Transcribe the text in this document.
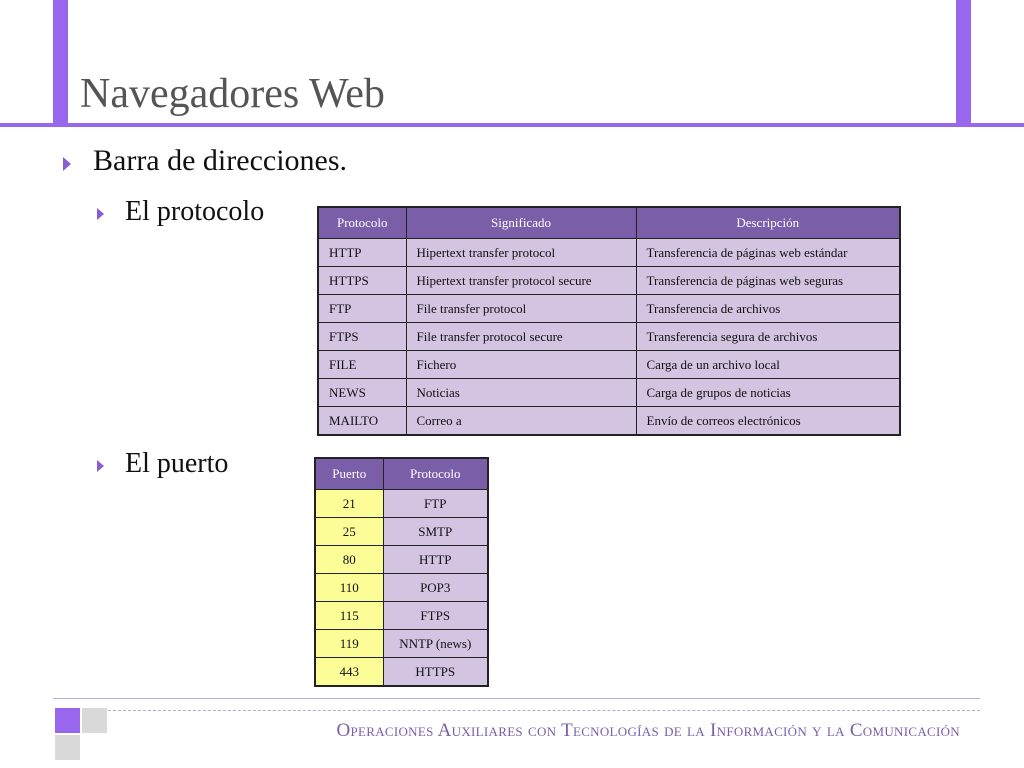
Navegadores Web
Barra de direcciones.
El protocolo
El puerto
Protocolo	Significado	Descripción
HTTP	Hipertext transfer protocol	Transferencia de páginas web estándar
HTTPS	Hipertext transfer protocol secure	Transferencia de páginas web seguras
FTP	File transfer protocol	Transferencia de archivos
FTPS	File transfer protocol secure	Transferencia segura de archivos
FILE	Fichero	Carga de un archivo local
NEWS	Noticias	Carga de grupos de noticias
MAILTO	Correo a	Envío de correos electrónicos
Puerto	Protocolo
21	FTP
25	SMTP
80	HTTP
110	POP3
115	FTPS
119	NNTP (news)
443	HTTPS
Operaciones Auxiliares con Tecnologías de la Información y la Comunicación
